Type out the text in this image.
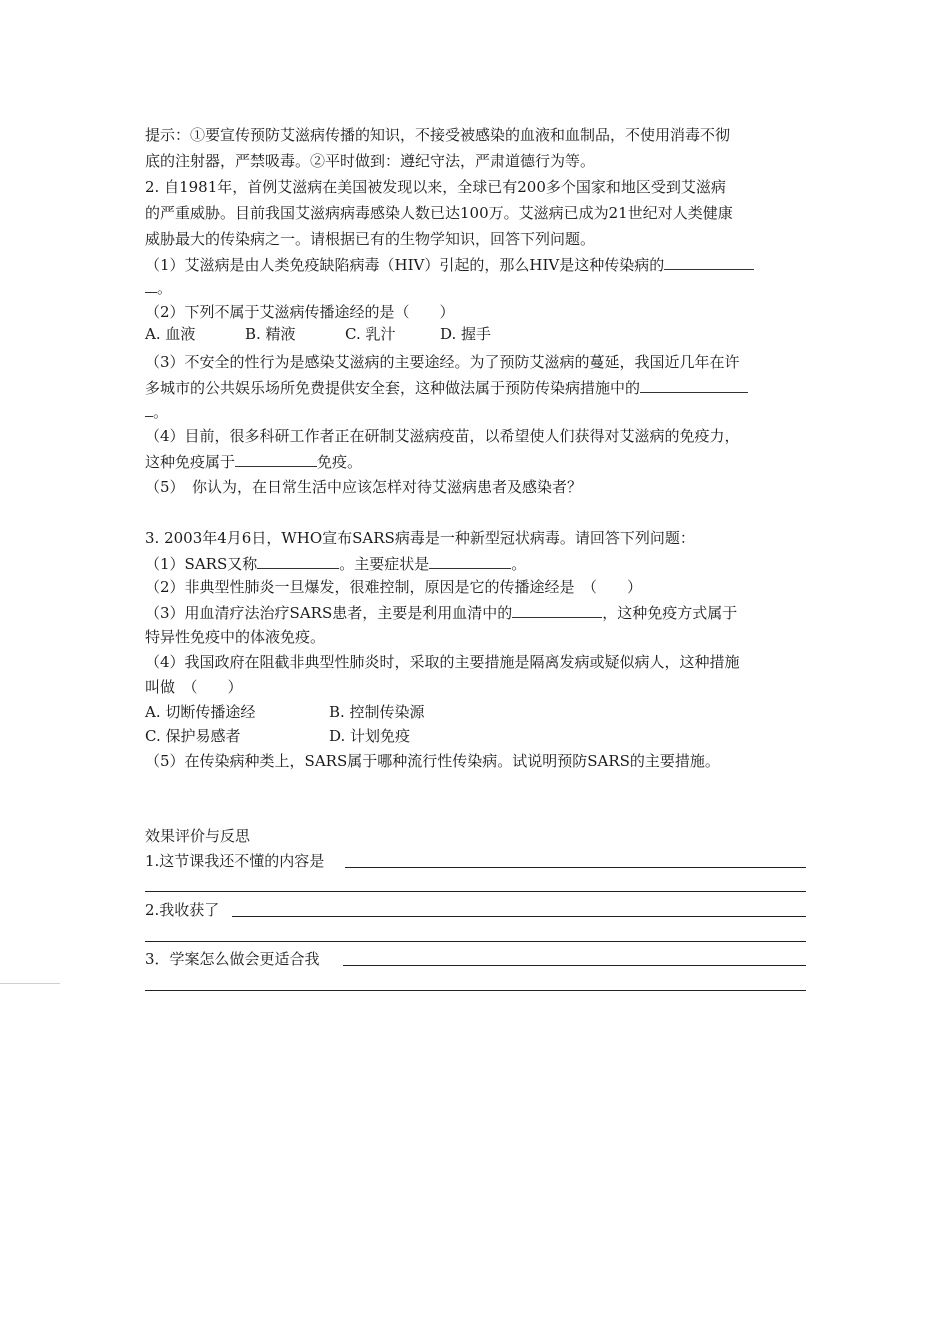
提示：①要宣传预防艾滋病传播的知识，不接受被感染的血液和血制品，不使用消毒不彻
底的注射器，严禁吸毒。②平时做到：遵纪守法，严肃道德行为等。
2. 自1981年，首例艾滋病在美国被发现以来，全球已有200多个国家和地区受到艾滋病
的严重威胁。目前我国艾滋病病毒感染人数已达100万。艾滋病已成为21世纪对人类健康
威胁最大的传染病之一。请根据已有的生物学知识，回答下列问题。
（1）艾滋病是由人类免疫缺陷病毒（HIV）引起的，那么HIV是这种传染病的
。
（2）下列不属于艾滋病传播途经的是（　　）
A. 血液	B. 精液	C. 乳汁	D. 握手
（3）不安全的性行为是感染艾滋病的主要途经。为了预防艾滋病的蔓延，我国近几年在许
多城市的公共娱乐场所免费提供安全套，这种做法属于预防传染病措施中的
。
（4）目前，很多科研工作者正在研制艾滋病疫苗，以希望使人们获得对艾滋病的免疫力，
这种免疫属于	免疫。
（5）　你认为，在日常生活中应该怎样对待艾滋病患者及感染者？
3. 2003年4月6日，WHO宣布SARS病毒是一种新型冠状病毒。请回答下列问题：
（1）SARS又称	。主要症状是	。
（2）非典型性肺炎一旦爆发，很难控制，原因是它的传播途经是　（　　）
（3）用血清疗法治疗SARS患者，主要是利用血清中的	，这种免疫方式属于
特异性免疫中的体液免疫。
（4）我国政府在阻截非典型性肺炎时，采取的主要措施是隔离发病或疑似病人，这种措施
叫做　（　　）
A. 切断传播途经	B. 控制传染源
C. 保护易感者	D. 计划免疫
（5）在传染病种类上，SARS属于哪种流行性传染病。试说明预防SARS的主要措施。
效果评价与反思
1.这节课我还不懂的内容是
2.我收获了
3．学案怎么做会更适合我
